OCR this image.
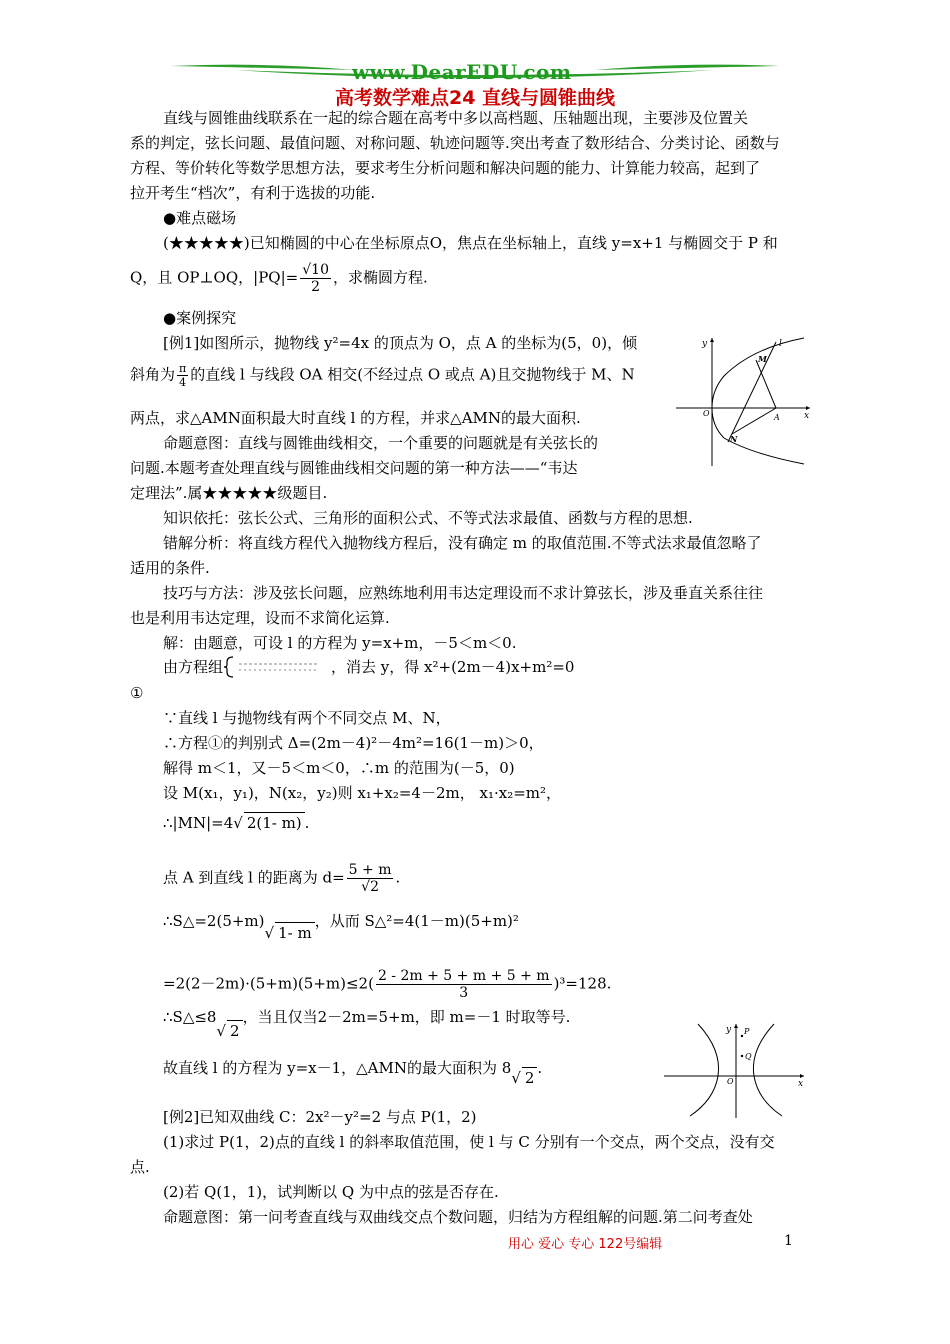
www.DearEDU.com
高考数学难点24 直线与圆锥曲线
直线与圆锥曲线联系在一起的综合题在高考中多以高档题、压轴题出现，主要涉及位置关
系的判定，弦长问题、最值问题、对称问题、轨迹问题等.突出考查了数形结合、分类讨论、函数与
方程、等价转化等数学思想方法，要求考生分析问题和解决问题的能力、计算能力较高，起到了
拉开考生“档次”，有利于选拔的功能.
●难点磁场
(★★★★★)已知椭圆的中心在坐标原点O，焦点在坐标轴上，直线 y=x+1 与椭圆交于 P 和
Q，且 OP⊥OQ，$|PQ|= \frac{√10}{2}$ ，求椭圆方程.
●案例探究
[例1]如图所示，抛物线 y²=4x 的顶点为 O，点 A 的坐标为(5，0)，倾
斜角为 $\frac{\pi}{4}$ 的直线 l 与线段 OA 相交(不经过点 O 或点 A)且交抛物线于 M、N
两点，求△AMN面积最大时直线 l 的方程，并求△AMN的最大面积.
命题意图：直线与圆锥曲线相交，一个重要的问题就是有关弦长的
问题.本题考查处理直线与圆锥曲线相交问题的第一种方法——“韦达
定理法”.属★★★★★级题目.
知识依托：弦长公式、三角形的面积公式、不等式法求最值、函数与方程的思想.
错解分析：将直线方程代入抛物线方程后，没有确定 m 的取值范围.不等式法求最值忽略了
适用的条件.
技巧与方法：涉及弦长问题，应熟练地利用韦达定理设而不求计算弦长，涉及垂直关系往往
也是利用韦达定理，设而不求简化运算.
解：由题意，可设 l 的方程为 y=x+m，－5＜m＜0.
由方程组	，消去 y，得 x²+(2m－4)x+m²=0
①
∵直线 l 与抛物线有两个不同交点 M、N，
∴方程①的判别式 Δ=(2m－4)²－4m²=16(1－m)＞0，
解得 m＜1，又－5＜m＜0，∴m 的范围为(－5，0)
设 M(x₁，y₁)，N(x₂，y₂)则 x₁+x₂=4－2m， x₁·x₂=m²，
∴|MN|=4√ 2(1- m) .
点 A 到直线 l 的距离为 $d= \frac{5 + m}{√2}$ .
∴S△=2(5+m)√ 1- m，从而 S△²=4(1－m)(5+m)²
$=2(2-2m)\cdot(5+m)(5+m)\le 2( \frac{2 - 2m + 5 + m + 5 + m}{3} )^3=128$.
∴S△≤8√ 2，当且仅当2－2m=5+m，即 m=－1 时取等号.
故直线 l 的方程为 y=x－1，△AMN的最大面积为 8√ 2.
[例2]已知双曲线 C：2x²－y²=2 与点 P(1，2)
(1)求过 P(1，2)点的直线 l 的斜率取值范围，使 l 与 C 分别有一个交点，两个交点，没有交
点.
(2)若 Q(1，1)，试判断以 Q 为中点的弦是否存在.
命题意图：第一问考查直线与双曲线交点个数问题，归结为方程组解的问题.第二问考查处
y
x
l
M
O	A
N
y
x
P
Q
O
用心 爱心 专心 122号编辑	1
